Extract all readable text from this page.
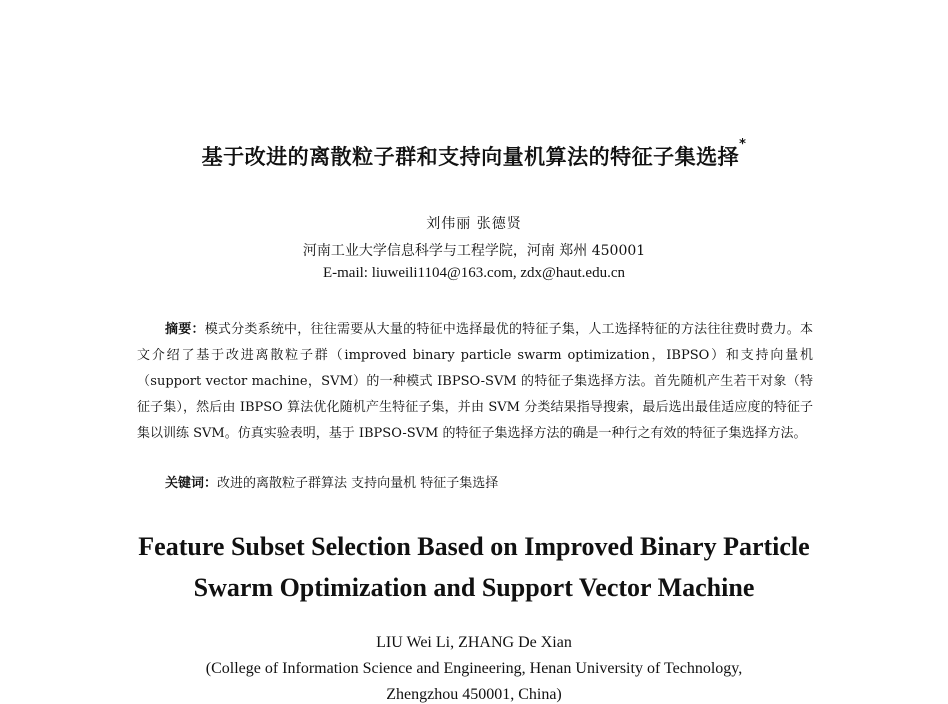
基于改进的离散粒子群和支持向量机算法的特征子集选择*
刘伟丽 张德贤
河南工业大学信息科学与工程学院，河南 郑州 450001
E-mail: liuweili1104@163.com, zdx@haut.edu.cn
摘要：模式分类系统中，往往需要从大量的特征中选择最优的特征子集，人工选择特征的方法往往费时费力。本文介绍了基于改进离散粒子群（improved binary particle swarm optimization，IBPSO）和支持向量机（support vector machine，SVM）的一种模式 IBPSO-SVM 的特征子集选择方法。首先随机产生若干对象（特征子集），然后由 IBPSO 算法优化随机产生特征子集，并由 SVM 分类结果指导搜索，最后选出最佳适应度的特征子集以训练 SVM。仿真实验表明，基于 IBPSO-SVM 的特征子集选择方法的确是一种行之有效的特征子集选择方法。
关键词：改进的离散粒子群算法 支持向量机 特征子集选择
Feature Subset Selection Based on Improved Binary Particle
Swarm Optimization and Support Vector Machine
LIU Wei Li, ZHANG De Xian
(College of Information Science and Engineering, Henan University of Technology,
Zhengzhou 450001, China)
